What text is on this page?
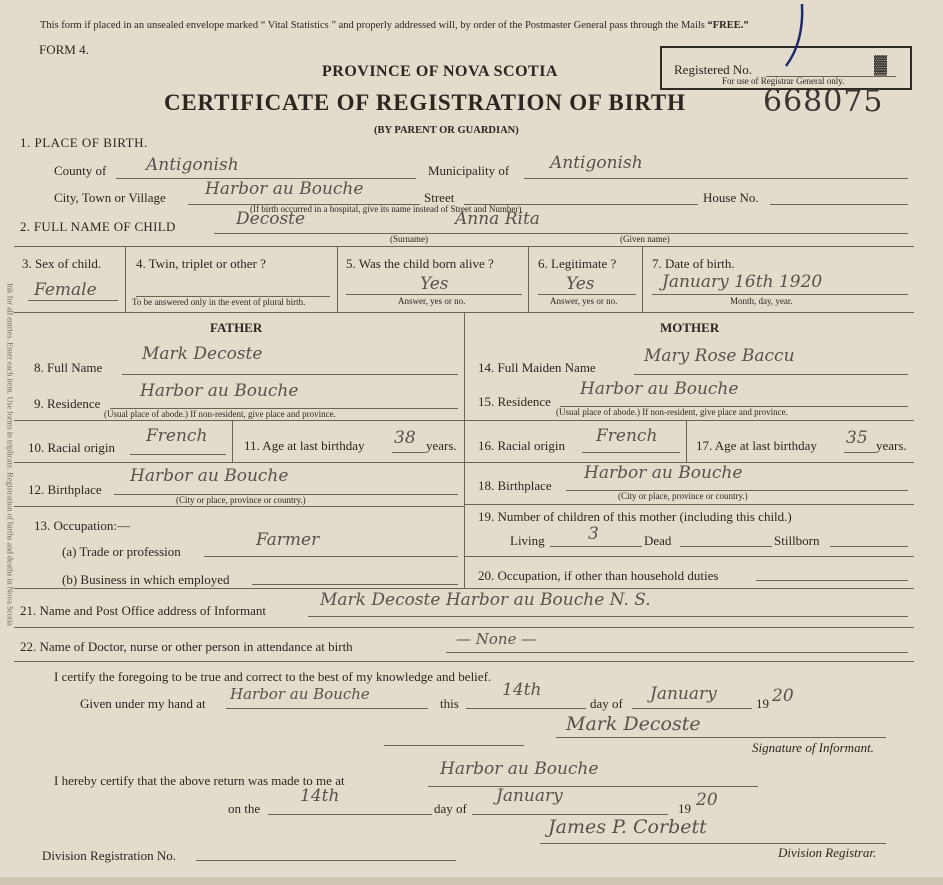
This form if placed in an unsealed envelope marked “ Vital Statistics ” and properly addressed will, by order of the Postmaster General pass through the Mails “FREE.”
Ink for all entries. Enter each item. Use forms in triplicate. Registration of births and deaths in Nova Scotia
FORM 4.
Registered No.
For use of Registrar General only.
▓
PROVINCE OF NOVA SCOTIA
CERTIFICATE OF REGISTRATION OF BIRTH	668075
(BY PARENT OR GUARDIAN)
1. PLACE OF BIRTH.
County of Antigonish	Municipality of Antigonish
City, Town or Village Harbor au Bouche	Street
(If birth occurred in a hospital, give its name instead of Street and Number)
House No.
2. FULL NAME OF CHILD	Decoste	Anna Rita
(Surname)	(Given name)
3. Sex of child.
Female
4. Twin, triplet or other ?
To be answered only in the event of plural birth.
5. Was the child born alive ?
Yes
Answer, yes or no.
6. Legitimate ?
Yes
Answer, yes or no.
7. Date of birth.
January 16th 1920
Month, day, year.
FATHER	MOTHER
8. Full Name
Mark Decoste
9. Residence
Harbor au Bouche
(Usual place of abode.) If non-resident, give place and province.
10. Racial origin
French	11. Age at last birthday 38 years.
12. Birthplace
Harbor au Bouche
(City or place, province or country.)
13. Occupation:—
(a) Trade or profession
Farmer
(b) Business in which employed
14. Full Maiden Name
Mary Rose Baccu
15. Residence
Harbor au Bouche
(Usual place of abode.) If non-resident, give place and province.
16. Racial origin French	17. Age at last birthday 35 years.
18. Birthplace
Harbor au Bouche
(City or place, province or country.)
19. Number of children of this mother (including this child.)
Living	3	Dead	Stillborn
20. Occupation, if other than household duties
21. Name and Post Office address of Informant
Mark Decoste Harbor au Bouche N. S.
22. Name of Doctor, nurse or other person in attendance at birth	— None —
I certify the foregoing to be true and correct to the best of my knowledge and belief.
Given under my hand at
Harbor au Bouche
this
14th
day of January	19 20
Mark Decoste
Signature of Informant.
I hereby certify that the above return was made to me at
Harbor au Bouche
on the
14th
day of
January
19 20
James P. Corbett
Division Registrar.
Division Registration No.
